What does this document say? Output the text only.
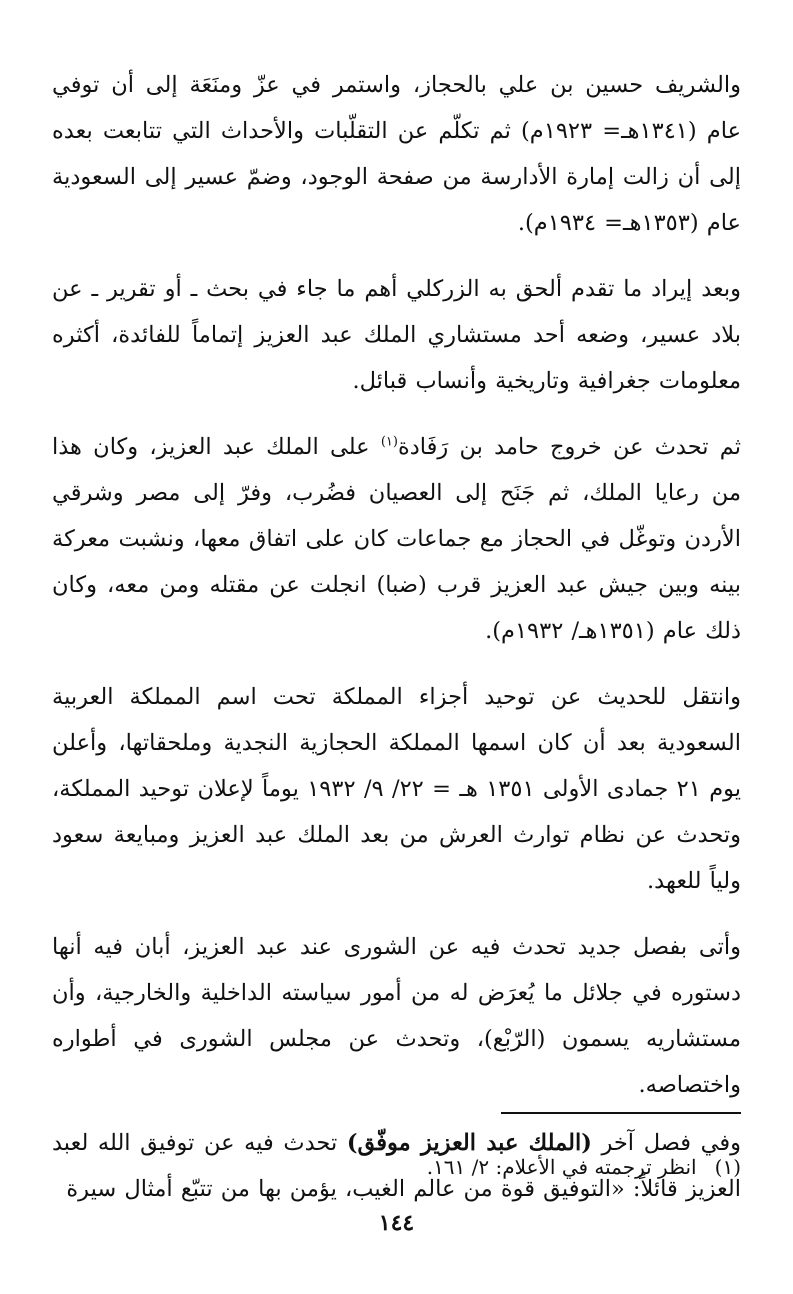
والشريف حسين بن علي بالحجاز، واستمر في عزّ ومنَعَة إلى أن توفي عام (١٣٤١هـ= ١٩٢٣م) ثم تكلّم عن التقلّبات والأحداث التي تتابعت بعده إلى أن زالت إمارة الأدارسة من صفحة الوجود، وضمّ عسير إلى السعودية عام (١٣٥٣هـ= ١٩٣٤م).

وبعد إيراد ما تقدم ألحق به الزركلي أهم ما جاء في بحث ـ أو تقرير ـ عن بلاد عسير، وضعه أحد مستشاري الملك عبد العزيز إتماماً للفائدة، أكثره معلومات جغرافية وتاريخية وأنساب قبائل.

ثم تحدث عن خروج حامد بن رَفَادة$^{(١)}$ على الملك عبد العزيز، وكان هذا من رعايا الملك، ثم جَنَح إلى العصيان فضُرب، وفرّ إلى مصر وشرقي الأردن وتوغّل في الحجاز مع جماعات كان على اتفاق معها، ونشبت معركة بينه وبين جيش عبد العزيز قرب (ضبا) انجلت عن مقتله ومن معه، وكان ذلك عام (١٣٥١هـ/ ١٩٣٢م).

وانتقل للحديث عن توحيد أجزاء المملكة تحت اسم المملكة العربية السعودية بعد أن كان اسمها المملكة الحجازية النجدية وملحقاتها، وأعلن يوم ٢١ جمادى الأولى ١٣٥١ هـ = ٢٢/ ٩/ ١٩٣٢ يوماً لإعلان توحيد المملكة، وتحدث عن نظام توارث العرش من بعد الملك عبد العزيز ومبايعة سعود ولياً للعهد.

وأتى بفصل جديد تحدث فيه عن الشورى عند عبد العزيز، أبان فيه أنها دستوره في جلائل ما يُعرَض له من أمور سياسته الداخلية والخارجية، وأن مستشاريه يسمون (الرّبْع)، وتحدث عن مجلس الشورى في أطواره واختصاصه.

وفي فصل آخر (الملك عبد العزيز موفّق) تحدث فيه عن توفيق الله لعبد العزيز قائلاً: «التوفيق قوة من عالم الغيب، يؤمن بها من تتبّع أمثال سيرة

(١)
انظر ترجمته في الأعلام: ٢/ ١٦١.
١٤٤
